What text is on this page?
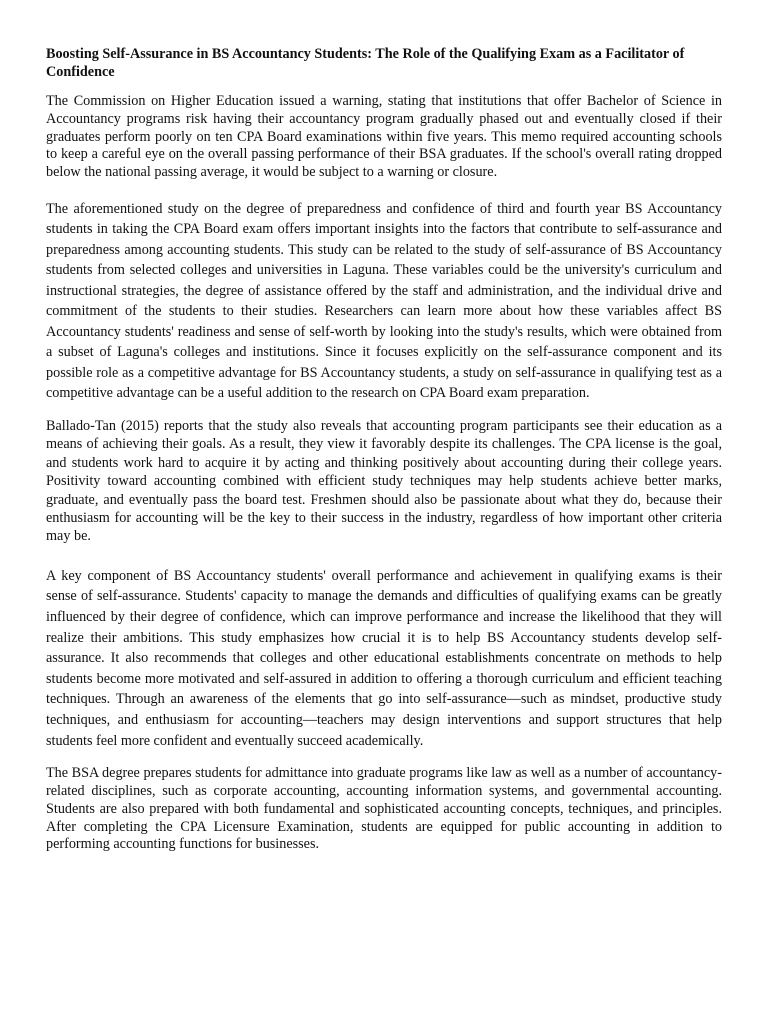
Boosting Self-Assurance in BS Accountancy Students: The Role of the Qualifying Exam as a Facilitator of Confidence

The Commission on Higher Education issued a warning, stating that institutions that offer Bachelor of Science in Accountancy programs risk having their accountancy program gradually phased out and eventually closed if their graduates perform poorly on ten CPA Board examinations within five years. This memo required accounting schools to keep a careful eye on the overall passing performance of their BSA graduates. If the school's overall rating dropped below the national passing average, it would be subject to a warning or closure.

The aforementioned study on the degree of preparedness and confidence of third and fourth year BS Accountancy students in taking the CPA Board exam offers important insights into the factors that contribute to self-assurance and preparedness among accounting students. This study can be related to the study of self-assurance of BS Accountancy students from selected colleges and universities in Laguna. These variables could be the university's curriculum and instructional strategies, the degree of assistance offered by the staff and administration, and the individual drive and commitment of the students to their studies. Researchers can learn more about how these variables affect BS Accountancy students' readiness and sense of self-worth by looking into the study's results, which were obtained from a subset of Laguna's colleges and institutions. Since it focuses explicitly on the self-assurance component and its possible role as a competitive advantage for BS Accountancy students, a study on self-assurance in qualifying test as a competitive advantage can be a useful addition to the research on CPA Board exam preparation.

Ballado-Tan (2015) reports that the study also reveals that accounting program participants see their education as a means of achieving their goals. As a result, they view it favorably despite its challenges. The CPA license is the goal, and students work hard to acquire it by acting and thinking positively about accounting during their college years. Positivity toward accounting combined with efficient study techniques may help students achieve better marks, graduate, and eventually pass the board test. Freshmen should also be passionate about what they do, because their enthusiasm for accounting will be the key to their success in the industry, regardless of how important other criteria may be.

A key component of BS Accountancy students' overall performance and achievement in qualifying exams is their sense of self-assurance. Students' capacity to manage the demands and difficulties of qualifying exams can be greatly influenced by their degree of confidence, which can improve performance and increase the likelihood that they will realize their ambitions. This study emphasizes how crucial it is to help BS Accountancy students develop self-assurance. It also recommends that colleges and other educational establishments concentrate on methods to help students become more motivated and self-assured in addition to offering a thorough curriculum and efficient teaching techniques. Through an awareness of the elements that go into self-assurance—such as mindset, productive study techniques, and enthusiasm for accounting—teachers may design interventions and support structures that help students feel more confident and eventually succeed academically.

The BSA degree prepares students for admittance into graduate programs like law as well as a number of accountancy-related disciplines, such as corporate accounting, accounting information systems, and governmental accounting. Students are also prepared with both fundamental and sophisticated accounting concepts, techniques, and principles. After completing the CPA Licensure Examination, students are equipped for public accounting in addition to performing accounting functions for businesses.
